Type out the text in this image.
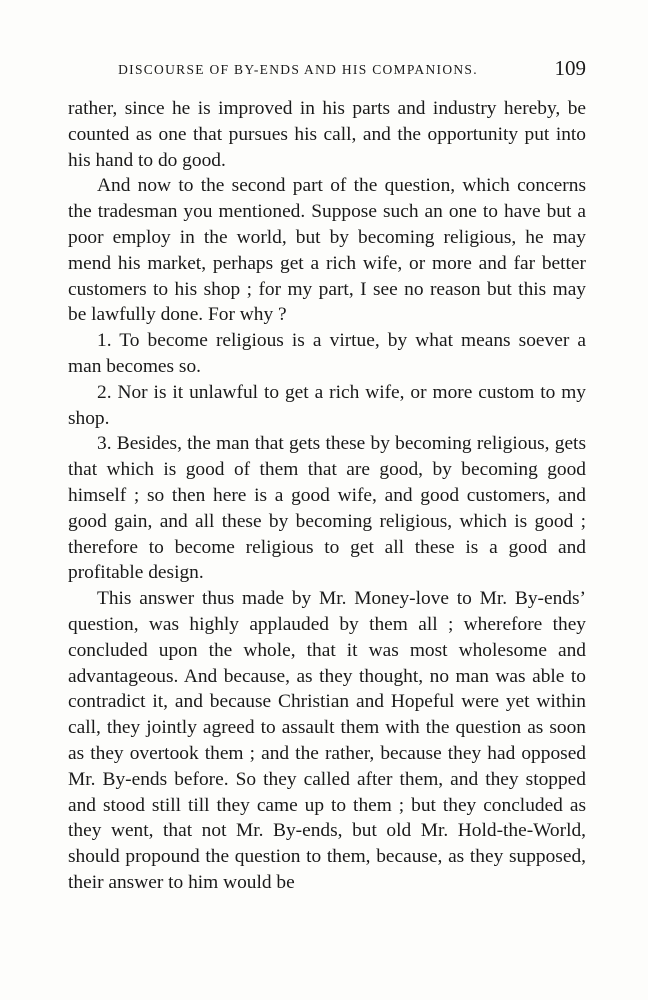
DISCOURSE OF BY-ENDS AND HIS COMPANIONS.	109

rather, since he is improved in his parts and industry hereby, be counted as one that pursues his call, and the opportunity put into his hand to do good.

And now to the second part of the question, which concerns the tradesman you mentioned. Suppose such an one to have but a poor employ in the world, but by becoming religious, he may mend his market, perhaps get a rich wife, or more and far better customers to his shop ; for my part, I see no reason but this may be lawfully done. For why ?

1. To become religious is a virtue, by what means soever a man becomes so.

2. Nor is it unlawful to get a rich wife, or more custom to my shop.

3. Besides, the man that gets these by becoming religious, gets that which is good of them that are good, by becoming good himself ; so then here is a good wife, and good customers, and good gain, and all these by becoming religious, which is good ; therefore to become religious to get all these is a good and profitable design.

This answer thus made by Mr. Money-love to Mr. By-ends’ question, was highly applauded by them all ; wherefore they concluded upon the whole, that it was most wholesome and advantageous. And because, as they thought, no man was able to contradict it, and because Christian and Hopeful were yet within call, they jointly agreed to assault them with the question as soon as they overtook them ; and the rather, because they had opposed Mr. By-ends before. So they called after them, and they stopped and stood still till they came up to them ; but they concluded as they went, that not Mr. By-ends, but old Mr. Hold-the-World, should propound the question to them, because, as they supposed, their answer to him would be
